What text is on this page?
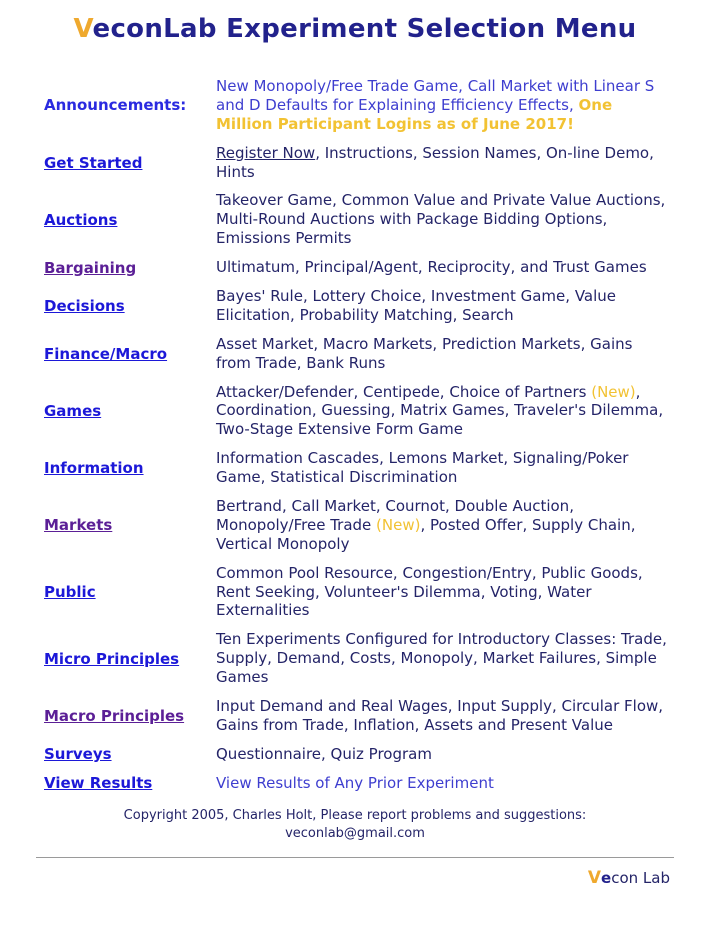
VeconLab Experiment Selection Menu
Announcements:	New Monopoly/Free Trade Game, Call Market with Linear S and D Defaults for Explaining Efficiency Effects, One Million Participant Logins as of June 2017!
Get Started	Register Now, Instructions, Session Names, On-line Demo, Hints
Auctions	Takeover Game, Common Value and Private Value Auctions, Multi-Round Auctions with Package Bidding Options, Emissions Permits
Bargaining	Ultimatum, Principal/Agent, Reciprocity, and Trust Games
Decisions	Bayes' Rule, Lottery Choice, Investment Game, Value Elicitation, Probability Matching, Search
Finance/Macro	Asset Market, Macro Markets, Prediction Markets, Gains from Trade, Bank Runs
Games	Attacker/Defender, Centipede, Choice of Partners (New), Coordination, Guessing, Matrix Games, Traveler's Dilemma, Two-Stage Extensive Form Game
Information	Information Cascades, Lemons Market, Signaling/Poker Game, Statistical Discrimination
Markets	Bertrand, Call Market, Cournot, Double Auction, Monopoly/Free Trade (New), Posted Offer, Supply Chain, Vertical Monopoly
Public	Common Pool Resource, Congestion/Entry, Public Goods, Rent Seeking, Volunteer's Dilemma, Voting, Water Externalities
Micro Principles	Ten Experiments Configured for Introductory Classes: Trade, Supply, Demand, Costs, Monopoly, Market Failures, Simple Games
Macro Principles	Input Demand and Real Wages, Input Supply, Circular Flow, Gains from Trade, Inflation, Assets and Present Value
Surveys	Questionnaire, Quiz Program
View Results	View Results of Any Prior Experiment
Copyright 2005, Charles Holt, Please report problems and suggestions:
veconlab@gmail.com
Vecon Lab
